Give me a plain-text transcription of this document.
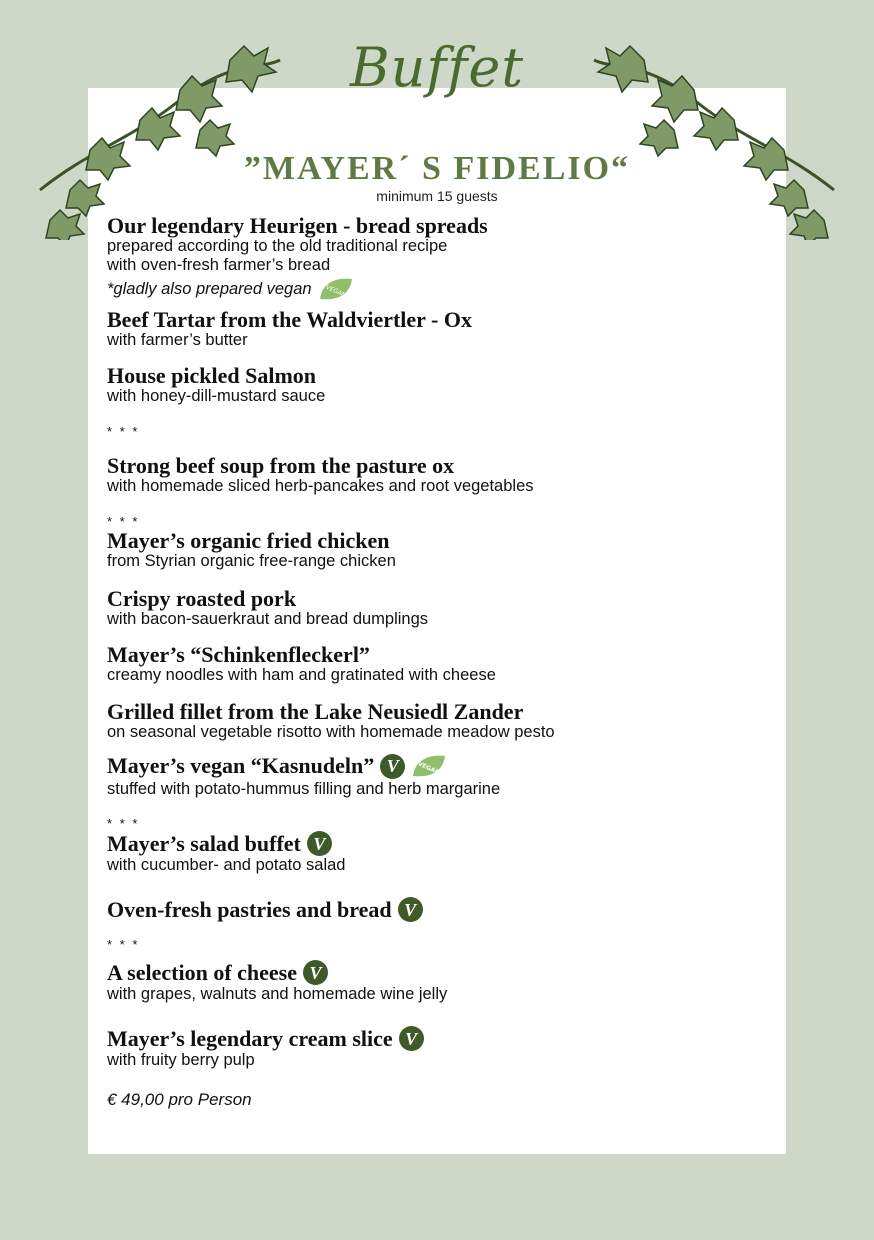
Buffet
”MAYER´ S FIDELIO“
minimum 15 guests
Our legendary Heurigen - bread spreads
prepared according to the old traditional recipe
with oven-fresh farmer’s bread
*gladly also prepared vegan VEGAN
Beef Tartar from the Waldviertler - Ox
with farmer’s butter
House pickled Salmon
with honey-dill-mustard sauce
* * *
Strong beef soup from the pasture ox
with homemade sliced herb-pancakes and root vegetables
* * *
Mayer’s organic fried chicken
from Styrian organic free-range chicken
Crispy roasted pork
with bacon-sauerkraut and bread dumplings
Mayer’s “Schinkenfleckerl”
creamy noodles with ham and gratinated with cheese
Grilled fillet from the Lake Neusiedl Zander
on seasonal vegetable risotto with homemade meadow pesto
Mayer’s vegan “Kasnudeln” V	VEGAN
stuffed with potato-hummus filling and herb margarine
* * *
Mayer’s salad buffet V
with cucumber- and potato salad
Oven-fresh pastries and bread V
* * *
A selection of cheese V
with grapes, walnuts and homemade wine jelly
Mayer’s legendary cream slice V
with fruity berry pulp
€ 49,00 pro Person
